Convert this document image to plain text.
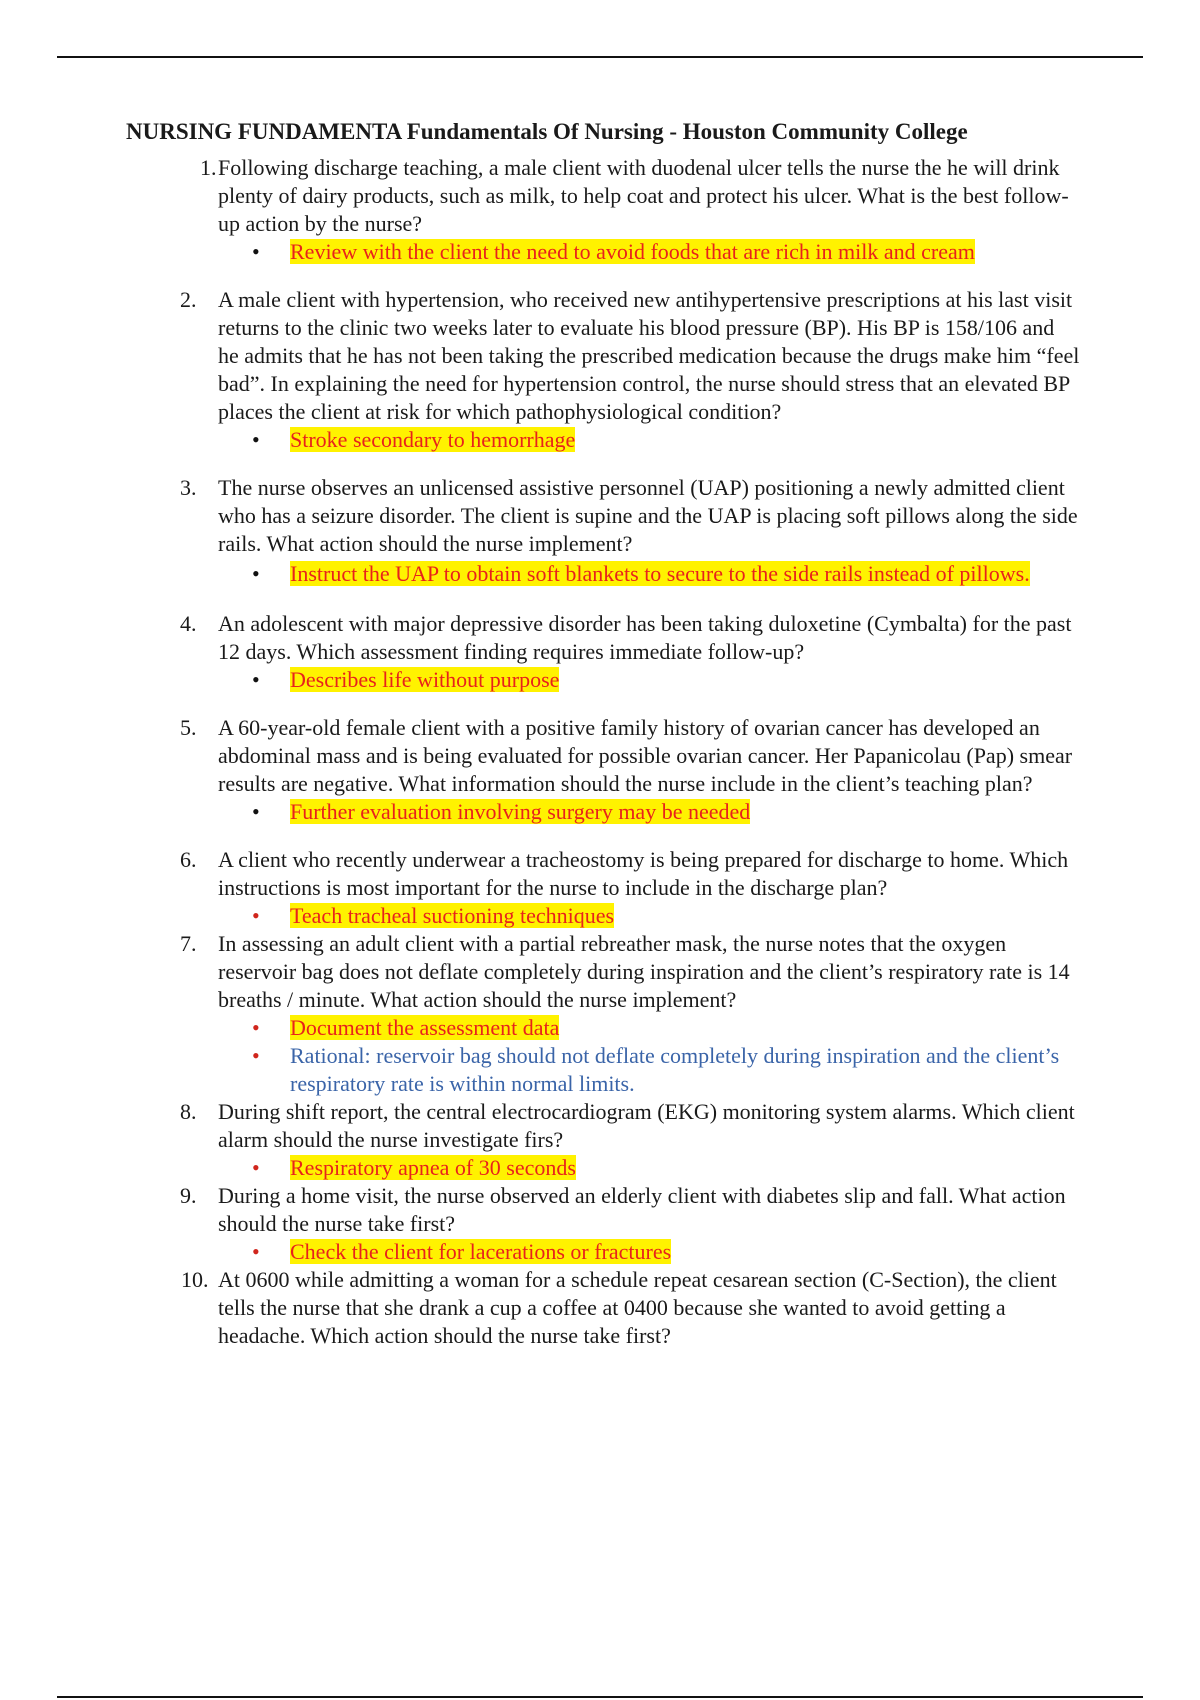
NURSING FUNDAMENTA Fundamentals Of Nursing - Houston Community College
1. Following discharge teaching, a male client with duodenal ulcer tells the nurse the he will drink plenty of dairy products, such as milk, to help coat and protect his ulcer. What is the best follow-up action by the nurse?
• Review with the client the need to avoid foods that are rich in milk and cream
2. A male client with hypertension, who received new antihypertensive prescriptions at his last visit returns to the clinic two weeks later to evaluate his blood pressure (BP). His BP is 158/106 and he admits that he has not been taking the prescribed medication because the drugs make him “feel bad”. In explaining the need for hypertension control, the nurse should stress that an elevated BP places the client at risk for which pathophysiological condition?
• Stroke secondary to hemorrhage
3. The nurse observes an unlicensed assistive personnel (UAP) positioning a newly admitted client who has a seizure disorder. The client is supine and the UAP is placing soft pillows along the side rails. What action should the nurse implement?
• Instruct the UAP to obtain soft blankets to secure to the side rails instead of pillows.
4. An adolescent with major depressive disorder has been taking duloxetine (Cymbalta) for the past 12 days. Which assessment finding requires immediate follow-up?
• Describes life without purpose
5. A 60-year-old female client with a positive family history of ovarian cancer has developed an abdominal mass and is being evaluated for possible ovarian cancer. Her Papanicolau (Pap) smear results are negative. What information should the nurse include in the client’s teaching plan?
• Further evaluation involving surgery may be needed
6. A client who recently underwear a tracheostomy is being prepared for discharge to home. Which instructions is most important for the nurse to include in the discharge plan?
• Teach tracheal suctioning techniques
7. In assessing an adult client with a partial rebreather mask, the nurse notes that the oxygen reservoir bag does not deflate completely during inspiration and the client’s respiratory rate is 14 breaths / minute. What action should the nurse implement?
• Document the assessment data
• Rational: reservoir bag should not deflate completely during inspiration and the client’s respiratory rate is within normal limits.
8. During shift report, the central electrocardiogram (EKG) monitoring system alarms. Which client alarm should the nurse investigate firs?
• Respiratory apnea of 30 seconds
9. During a home visit, the nurse observed an elderly client with diabetes slip and fall. What action should the nurse take first?
• Check the client for lacerations or fractures
10. At 0600 while admitting a woman for a schedule repeat cesarean section (C-Section), the client tells the nurse that she drank a cup a coffee at 0400 because she wanted to avoid getting a headache. Which action should the nurse take first?
